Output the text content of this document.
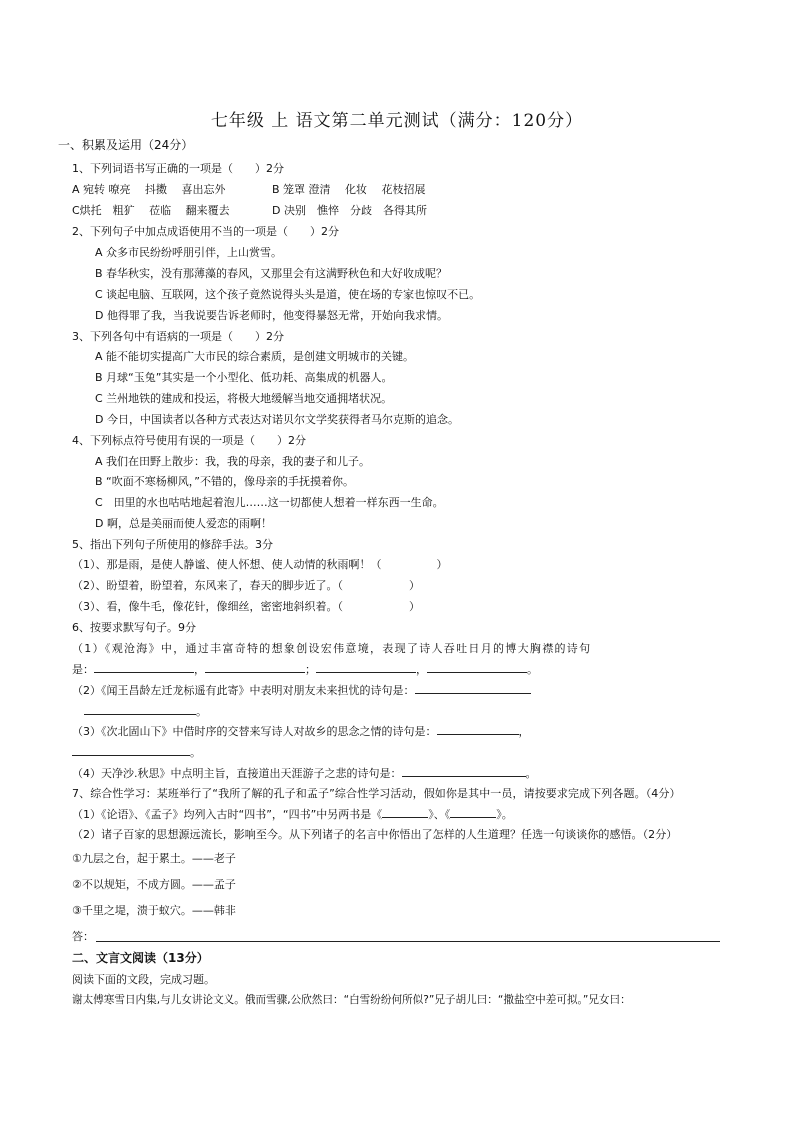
七年级 上 语文第二单元测试（满分：120分）
一、积累及运用（24分）
1、下列词语书写正确的一项是（　　）2分
A 宛转 嘹亮　 抖擞　 喜出忘外	B 笼罩 澄清　 化妆　 花枝招展
C烘托　粗犷　 莅临　 翻来覆去	D 决别　憔悴　分歧　各得其所
2、下列句子中加点成语使用不当的一项是（　　）2分
A 众多市民纷纷呼朋引伴，上山赏雪。
B 春华秋实，没有那薄藻的春风，又那里会有这满野秋色和大好收成呢？
C 谈起电脑、互联网，这个孩子竟然说得头头是道，使在场的专家也惊叹不已。
D 他得罪了我，当我说要告诉老师时，他变得暴怒无常，开始向我求情。
3、下列各句中有语病的一项是（　　）2分
A 能不能切实提高广大市民的综合素质，是创建文明城市的关键。
B 月球“玉兔”其实是一个小型化、低功耗、高集成的机器人。
C 兰州地铁的建成和投运，将极大地缓解当地交通拥堵状况。
D 今日，中国读者以各种方式表达对诺贝尔文学奖获得者马尔克斯的追念。
4、下列标点符号使用有误的一项是（　　）2分
A 我们在田野上散步：我，我的母亲，我的妻子和儿子。
B “吹面不寒杨柳风，”不错的，像母亲的手抚摸着你。
C　田里的水也咕咕地起着泡儿……这一切都使人想着一样东西一生命。
D 啊，总是美丽而使人爱恋的雨啊！
5、指出下列句子所使用的修辞手法。3分
（1）、那是雨，是使人静谧、使人怀想、使人动情的秋雨啊！（　　　　　）
（2）、盼望着，盼望着，东风来了，春天的脚步近了。（　　　　　　）
（3）、看，像牛毛，像花针，像细丝，密密地斜织着。（　　　　　　）
6、按要求默写句子。9分
（1）《观沧海》中，通过丰富奇特的想象创设宏伟意境，表现了诗人吞吐日月的博大胸襟的诗句
是：	，	；	，	。
（2）《闻王昌龄左迁龙标遥有此寄》中表明对朋友未来担忧的诗句是：
。
（3）《次北固山下》中借时序的交替来写诗人对故乡的思念之情的诗句是：	，
。
（4）天净沙.秋思》中点明主旨，直接道出天涯游子之悲的诗句是：	。
7、综合性学习：某班举行了“我所了解的孔子和孟子”综合性学习活动，假如你是其中一员，请按要求完成下列各题。（4分）
（1）《论语》、《孟子》均列入古时“四书”，“四书”中另两书是《	》、《	》。
（2）诸子百家的思想源远流长，影响至今。从下列诸子的名言中你悟出了怎样的人生道理？任选一句谈谈你的感悟。（2分）
①九层之台，起于累土。——老子
②不以规矩，不成方圆。——孟子
③千里之堤，溃于蚁穴。——韩非
答：
二、文言文阅读（13分）
阅读下面的文段，完成习题。
谢太傅寒雪日内集,与儿女讲论文义。俄而雪骤,公欣然曰：“白雪纷纷何所似?”兄子胡儿曰：“撒盐空中差可拟。”兄女曰：
